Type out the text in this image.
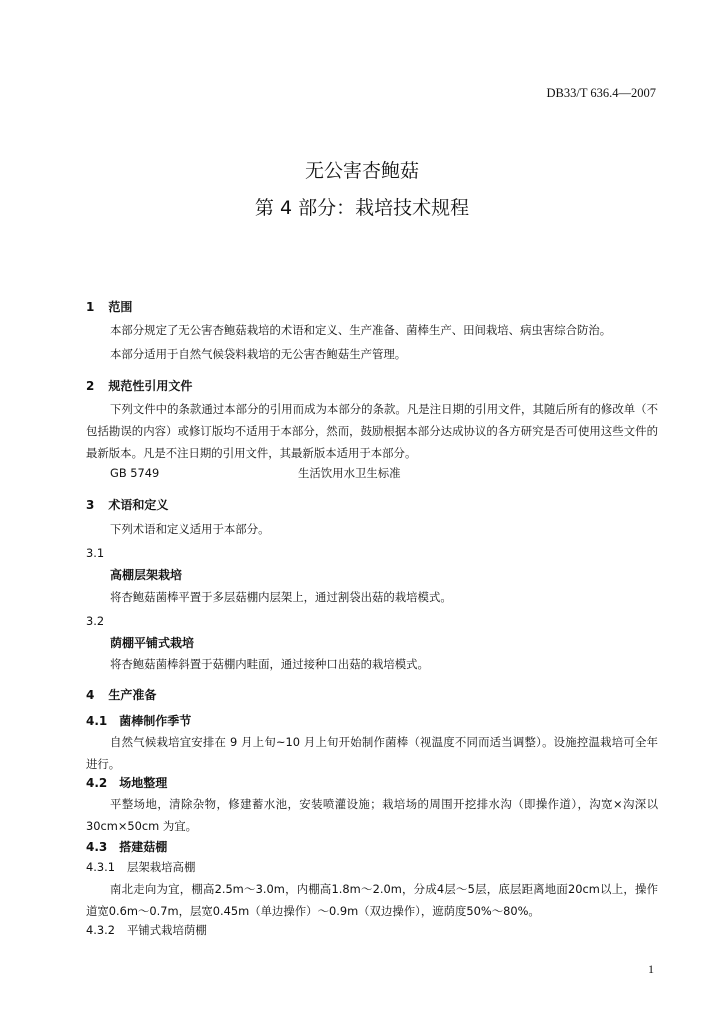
DB33/T 636.4—2007
无公害杏鲍菇
第 4 部分：栽培技术规程
1 范围
本部分规定了无公害杏鲍菇栽培的术语和定义、生产准备、菌棒生产、田间栽培、病虫害综合防治。
本部分适用于自然气候袋料栽培的无公害杏鲍菇生产管理。
2 规范性引用文件
下列文件中的条款通过本部分的引用而成为本部分的条款。凡是注日期的引用文件，其随后所有的修改单（不包括勘误的内容）或修订版均不适用于本部分，然而，鼓励根据本部分达成协议的各方研究是否可使用这些文件的最新版本。凡是不注日期的引用文件，其最新版本适用于本部分。
GB 5749	生活饮用水卫生标准
3 术语和定义
下列术语和定义适用于本部分。
3.1
高棚层架栽培
将杏鲍菇菌棒平置于多层菇棚内层架上，通过割袋出菇的栽培模式。
3.2
荫棚平铺式栽培
将杏鲍菇菌棒斜置于菇棚内畦面，通过接种口出菇的栽培模式。
4 生产准备
4.1 菌棒制作季节
自然气候栽培宜安排在 9 月上旬~10 月上旬开始制作菌棒（视温度不同而适当调整）。设施控温栽培可全年进行。
4.2 场地整理
平整场地，清除杂物，修建蓄水池，安装喷灌设施；栽培场的周围开挖排水沟（即操作道），沟宽×沟深以 30cm×50cm 为宜。
4.3 搭建菇棚
4.3.1 层架栽培高棚
南北走向为宜，棚高2.5m～3.0m，内棚高1.8m～2.0m，分成4层～5层，底层距离地面20cm以上，操作道宽0.6m～0.7m，层宽0.45m（单边操作）～0.9m（双边操作），遮荫度50%～80%。
4.3.2 平铺式栽培荫棚
1
